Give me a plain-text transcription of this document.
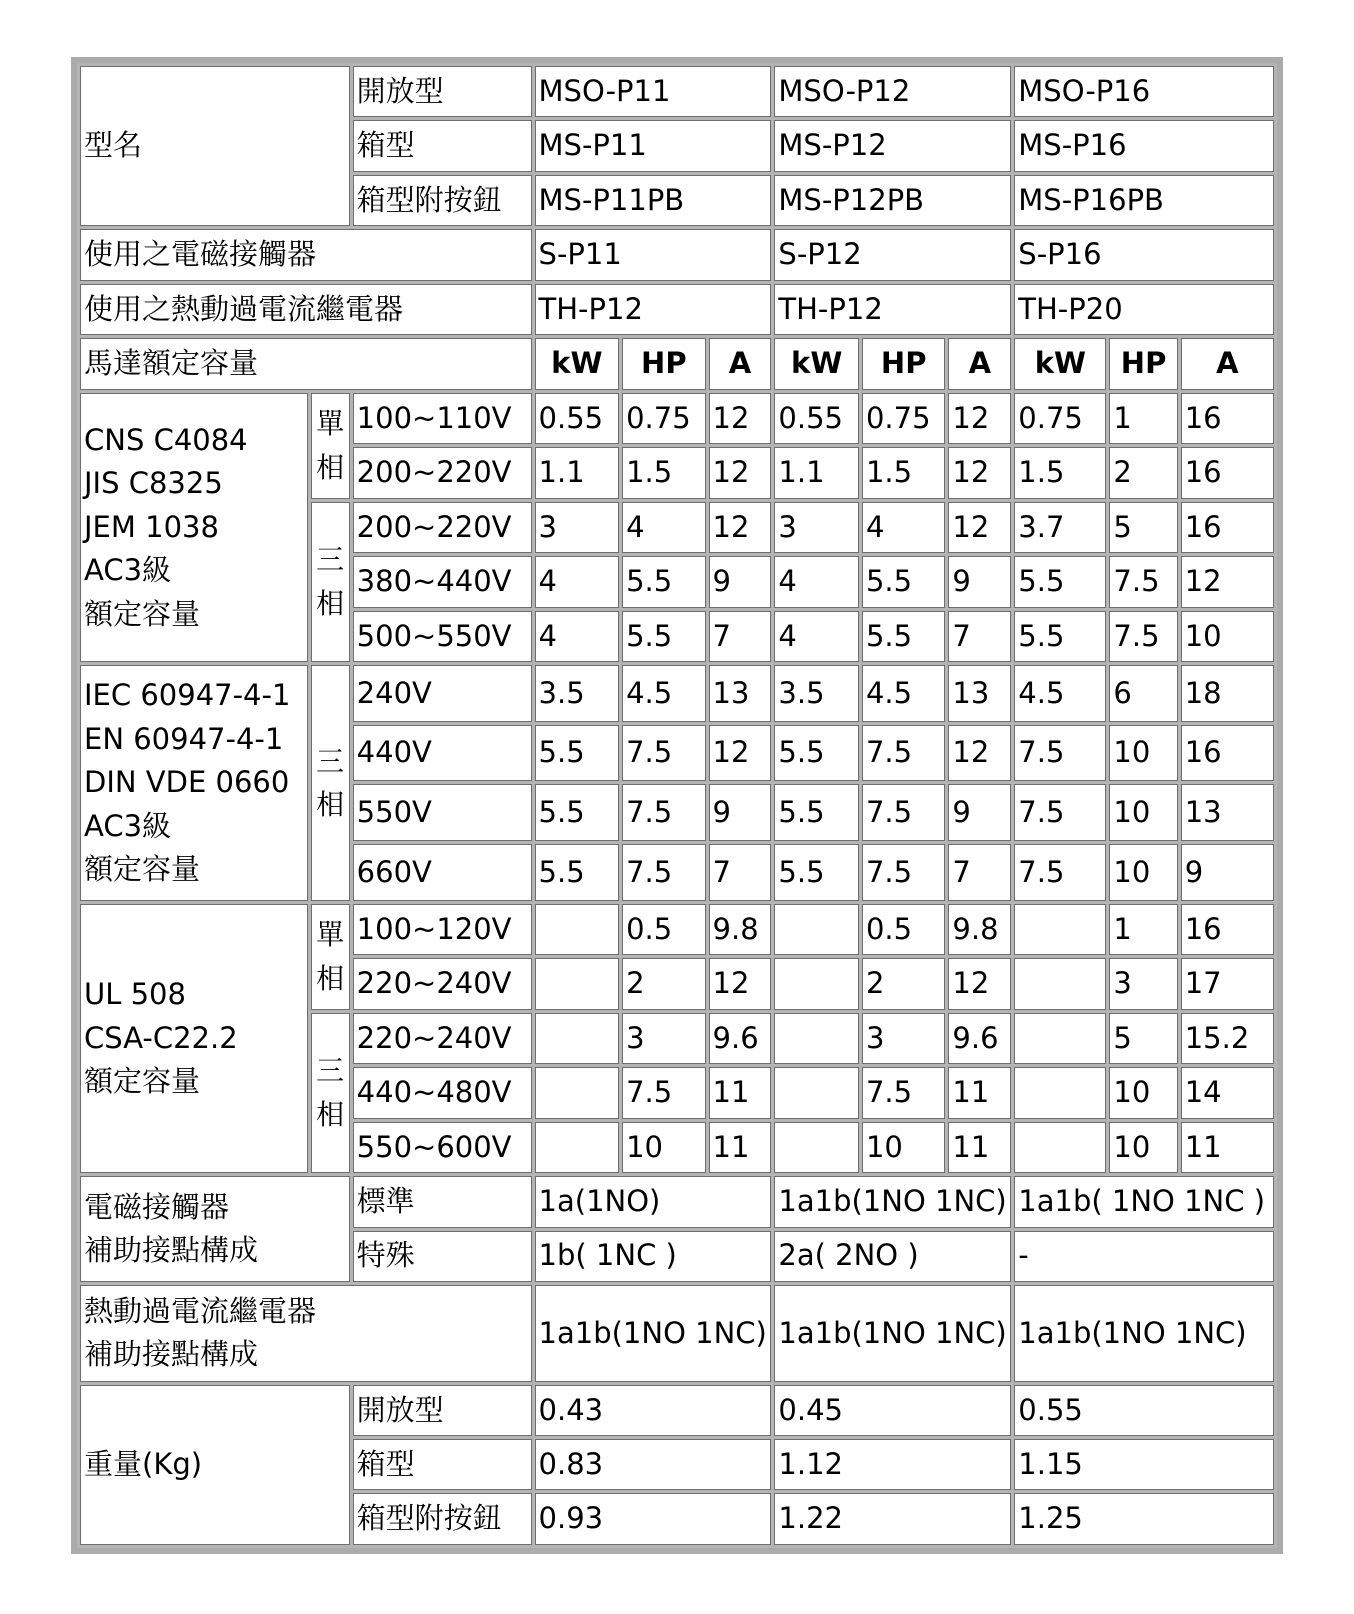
型名		開放型	MSO-P11			MSO-P12			MSO-P16		
		箱型	MS-P11			MS-P12			MS-P16		
		箱型附按鈕	MS-P11PB			MS-P12PB			MS-P16PB		
使用之電磁接觸器			S-P11			S-P12			S-P16		
使用之熱動過電流繼電器			TH-P12			TH-P12			TH-P20		
馬達額定容量			kW	HP	A	kW	HP	A	kW	HP	A

CNS C4084
JIS C8325
JEM 1038
AC3級
額定容量	單相	100~110V	0.55	0.75	12	0.55	0.75	12	0.75	1	16
		200~220V	1.1	1.5	12	1.1	1.5	12	1.5	2	16
	三相	200~220V	3	4	12	3	4	12	3.7	5	16
		380~440V	4	5.5	9	4	5.5	9	5.5	7.5	12
		500~550V	4	5.5	7	4	5.5	7	5.5	7.5	10

IEC 60947-4-1
EN 60947-4-1
DIN VDE 0660
AC3級
額定容量	三相	240V	3.5	4.5	13	3.5	4.5	13	4.5	6	18
		440V	5.5	7.5	12	5.5	7.5	12	7.5	10	16
		550V	5.5	7.5	9	5.5	7.5	9	7.5	10	13
		660V	5.5	7.5	7	5.5	7.5	7	7.5	10	9

UL 508
CSA-C22.2
額定容量	單相	100~120V		0.5	9.8		0.5	9.8		1	16
		220~240V		2	12		2	12		3	17
	三相	220~240V		3	9.6		3	9.6		5	15.2
		440~480V		7.5	11		7.5	11		10	14
		550~600V		10	11		10	11		10	11

電磁接觸器
補助接點構成		標準	1a(1NO)			1a1b(1NO 1NC)			1a1b( 1NO 1NC )		
		特殊	1b( 1NC )			2a( 2NO )			-		

熱動過電流繼電器
補助接點構成			1a1b(1NO 1NC)			1a1b(1NO 1NC)			1a1b(1NO 1NC)		
重量(Kg)		開放型	0.43			0.45			0.55		
		箱型	0.83			1.12			1.15		
		箱型附按鈕	0.93			1.22			1.25		
